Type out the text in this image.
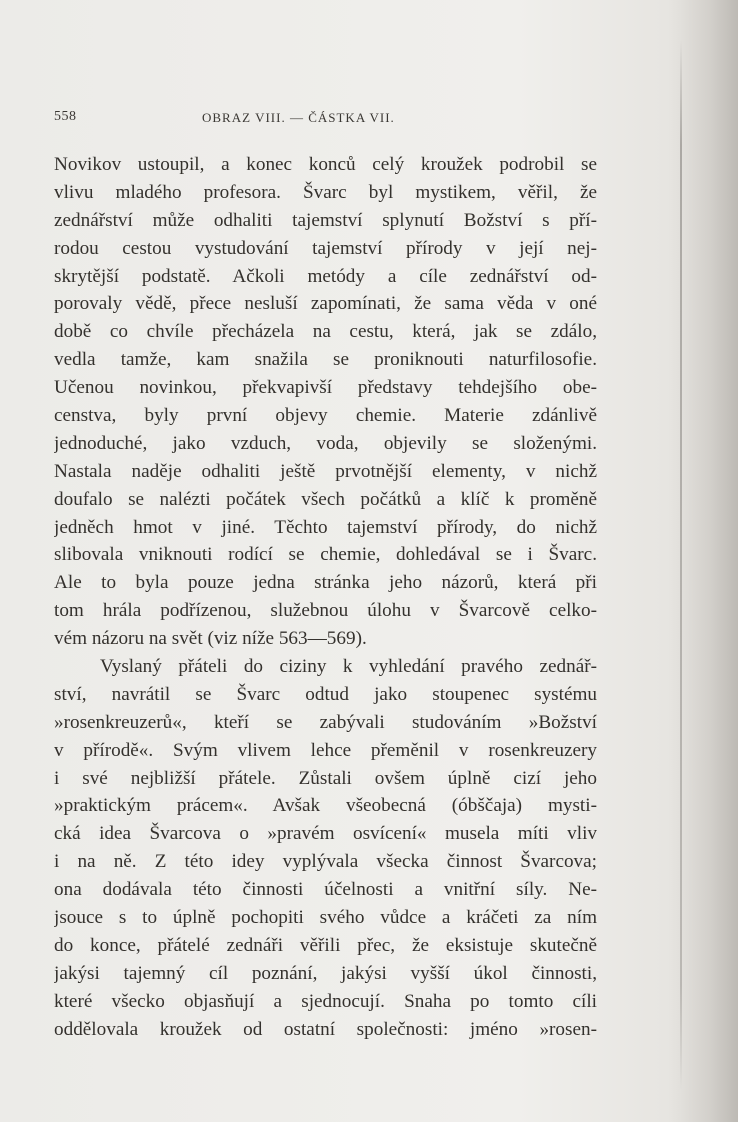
558	OBRAZ VIII. — ČÁSTKA VII.
Novikov ustoupil, a konec konců celý kroužek podrobil se
vlivu mladého profesora. Švarc byl mystikem, věřil, že
zednářství může odhaliti tajemství splynutí Božství s pří-
rodou cestou vystudování tajemství přírody v její nej-
skrytější podstatě. Ačkoli metódy a cíle zednářství od-
porovaly vědě, přece nesluší zapomínati, že sama věda v oné
době co chvíle přecházela na cestu, která, jak se zdálo,
vedla tamže, kam snažila se proniknouti naturfilosofie.
Učenou novinkou, překvapivší představy tehdejšího obe-
censtva, byly první objevy chemie. Materie zdánlivě
jednoduché, jako vzduch, voda, objevily se složenými.
Nastala naděje odhaliti ještě prvotnější elementy, v nichž
doufalo se nalézti počátek všech počátků a klíč k proměně
jedněch hmot v jiné. Těchto tajemství přírody, do nichž
slibovala vniknouti rodící se chemie, dohledával se i Švarc.
Ale to byla pouze jedna stránka jeho názorů, která při
tom hrála podřízenou, služebnou úlohu v Švarcově celko-
vém názoru na svět (viz níže 563—569).
Vyslaný přáteli do ciziny k vyhledání pravého zednář-
ství, navrátil se Švarc odtud jako stoupenec systému
»rosenkreuzerů«, kteří se zabývali studováním »Božství
v přírodě«. Svým vlivem lehce přeměnil v rosenkreuzery
i své nejbližší přátele. Zůstali ovšem úplně cizí jeho
»praktickým prácem«. Avšak všeobecná (óbščaja) mysti-
cká idea Švarcova o »pravém osvícení« musela míti vliv
i na ně. Z této idey vyplývala všecka činnost Švarcova;
ona dodávala této činnosti účelnosti a vnitřní síly. Ne-
jsouce s to úplně pochopiti svého vůdce a kráčeti za ním
do konce, přátelé zednáři věřili přec, že eksistuje skutečně
jakýsi tajemný cíl poznání, jakýsi vyšší úkol činnosti,
které všecko objasňují a sjednocují. Snaha po tomto cíli
oddělovala kroužek od ostatní společnosti: jméno »rosen-
